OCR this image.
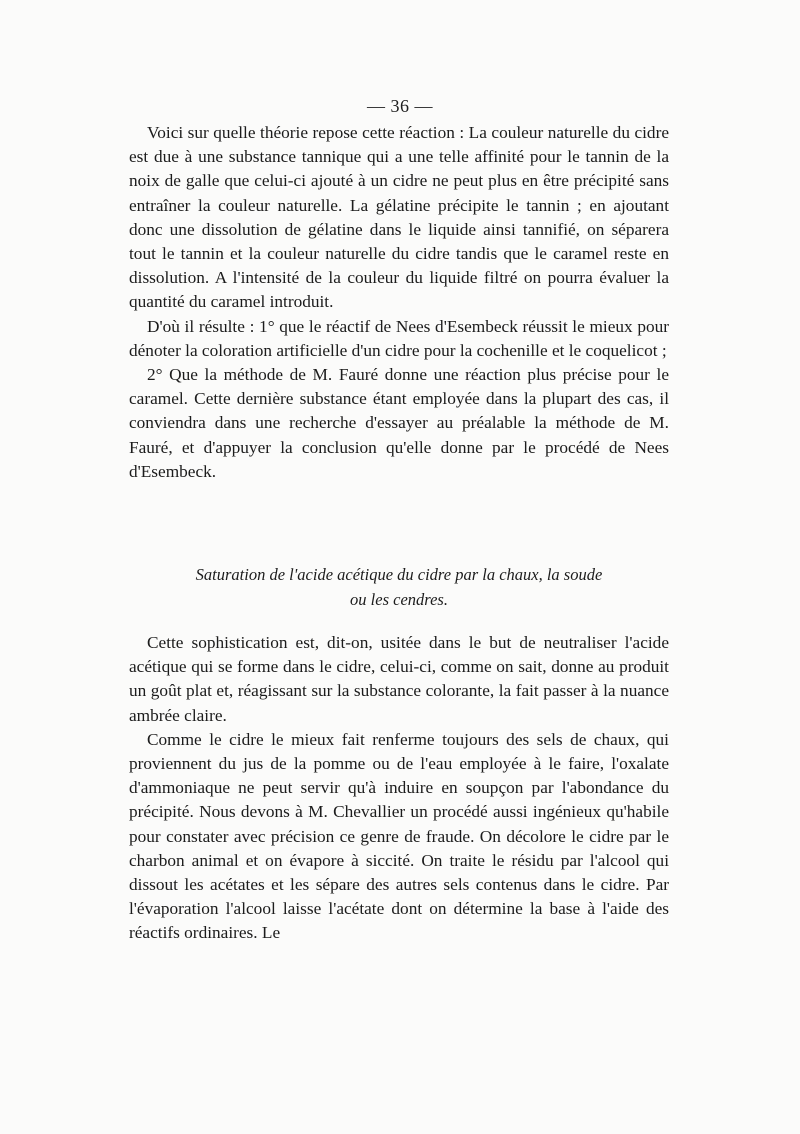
— 36 —

Voici sur quelle théorie repose cette réaction : La couleur naturelle du cidre est due à une substance tannique qui a une telle affinité pour le tannin de la noix de galle que celui-ci ajouté à un cidre ne peut plus en être précipité sans entraîner la couleur naturelle. La gélatine précipite le tannin ; en ajoutant donc une dissolution de gélatine dans le liquide ainsi tannifié, on séparera tout le tannin et la couleur naturelle du cidre tandis que le caramel reste en dissolution. A l'intensité de la couleur du liquide filtré on pourra évaluer la quantité du caramel introduit.

D'où il résulte : 1° que le réactif de Nees d'Esembeck réussit le mieux pour dénoter la coloration artificielle d'un cidre pour la cochenille et le coquelicot ;

2° Que la méthode de M. Fauré donne une réaction plus précise pour le caramel. Cette dernière substance étant employée dans la plupart des cas, il conviendra dans une recherche d'essayer au préalable la méthode de M. Fauré, et d'appuyer la conclusion qu'elle donne par le procédé de Nees d'Esembeck.

Saturation de l'acide acétique du cidre par la chaux, la soude
ou les cendres.

Cette sophistication est, dit-on, usitée dans le but de neutraliser l'acide acétique qui se forme dans le cidre, celui-ci, comme on sait, donne au produit un goût plat et, réagissant sur la substance colorante, la fait passer à la nuance ambrée claire.

Comme le cidre le mieux fait renferme toujours des sels de chaux, qui proviennent du jus de la pomme ou de l'eau employée à le faire, l'oxalate d'ammoniaque ne peut servir qu'à induire en soupçon par l'abondance du précipité. Nous devons à M. Chevallier un procédé aussi ingénieux qu'habile pour constater avec précision ce genre de fraude. On décolore le cidre par le charbon animal et on évapore à siccité. On traite le résidu par l'alcool qui dissout les acétates et les sépare des autres sels contenus dans le cidre. Par l'évaporation l'alcool laisse l'acétate dont on détermine la base à l'aide des réactifs ordinaires. Le
